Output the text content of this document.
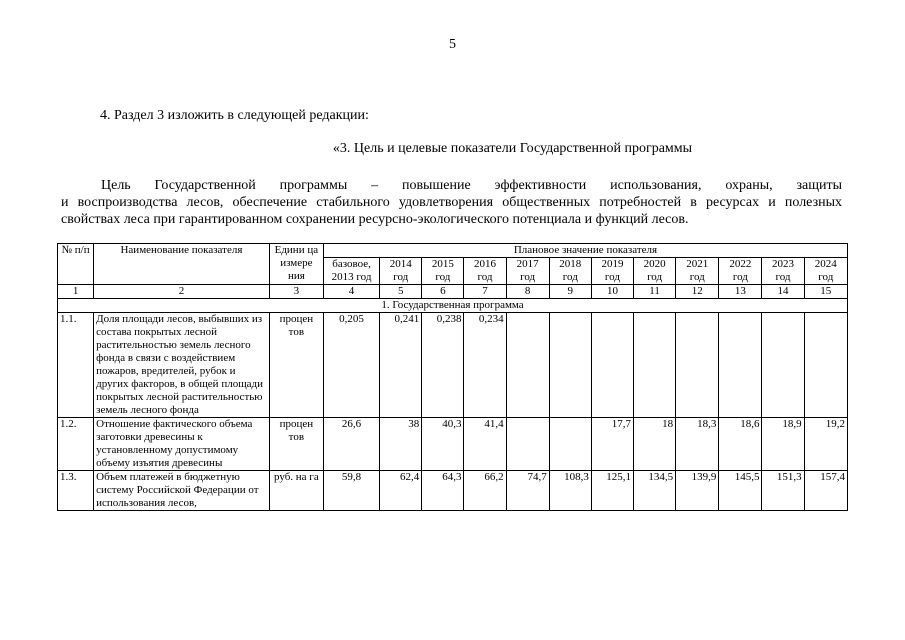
5
4. Раздел 3 изложить в следующей редакции:
«3. Цель и целевые показатели Государственной программы
Цель Государственной программы – повышение эффективности использования, охраны, защиты
и воспроизводства лесов, обеспечение стабильного удовлетворения общественных потребностей в ресурсах и полезных
свойствах леса при гарантированном сохранении ресурсно-экологического потенциала и функций лесов.
№ п/п	Наименование показателя	Едини ца измере ния	Плановое значение показателя											
			базовое, 2013 год	2014 год	2015 год	2016 год	2017 год	2018 год	2019 год	2020 год	2021 год	2022 год	2023 год	2024 год
1	2	3	4	5	6	7	8	9	10	11	12	13	14	15
1. Государственная программа														
1.1.	Доля площади лесов, выбывших из состава покрытых лесной растительностью земель лесного фонда в связи с воздействием пожаров, вредителей, рубок и других факторов, в общей площади покрытых лесной растительностью земель лесного фонда	процен тов	0,205	0,241	0,238	0,234								
1.2.	Отношение фактического объема заготовки древесины к установленному допустимому объему изъятия древесины	процен тов	26,6	38	40,3	41,4			17,7	18	18,3	18,6	18,9	19,2
1.3.	Объем платежей в бюджетную систему Российской Федерации от использования лесов,	руб. на га	59,8	62,4	64,3	66,2	74,7	108,3	125,1	134,5	139,9	145,5	151,3	157,4
